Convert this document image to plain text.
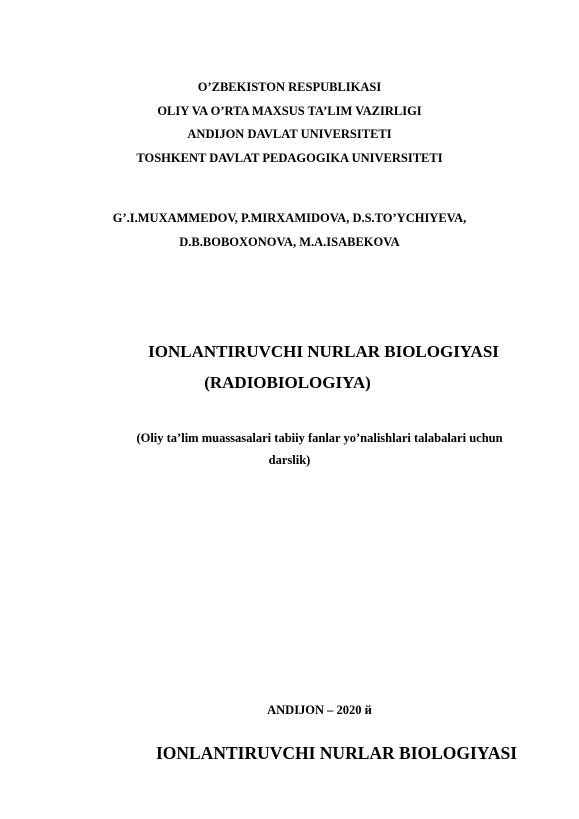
O’ZBEKISTON RESPUBLIKASI
OLIY VA O’RTA MAXSUS TA’LIM VAZIRLIGI
ANDIJON DAVLAT UNIVERSITETI
TOSHKENT DAVLAT PEDAGOGIKA UNIVERSITETI
G’.I.MUXAMMEDOV, P.MIRXAMIDOVA, D.S.TO’YCHIYEVA,
D.B.BOBOXONOVA, M.A.ISABEKOVA
IONLANTIRUVCHI NURLAR BIOLOGIYASI
(RADIOBIOLOGIYA)
(Oliy ta’lim muassasalari tabiiy fanlar yo’nalishlari talabalari uchun
darslik)
ANDIJON – 2020 й
IONLANTIRUVCHI NURLAR BIOLOGIYASI
